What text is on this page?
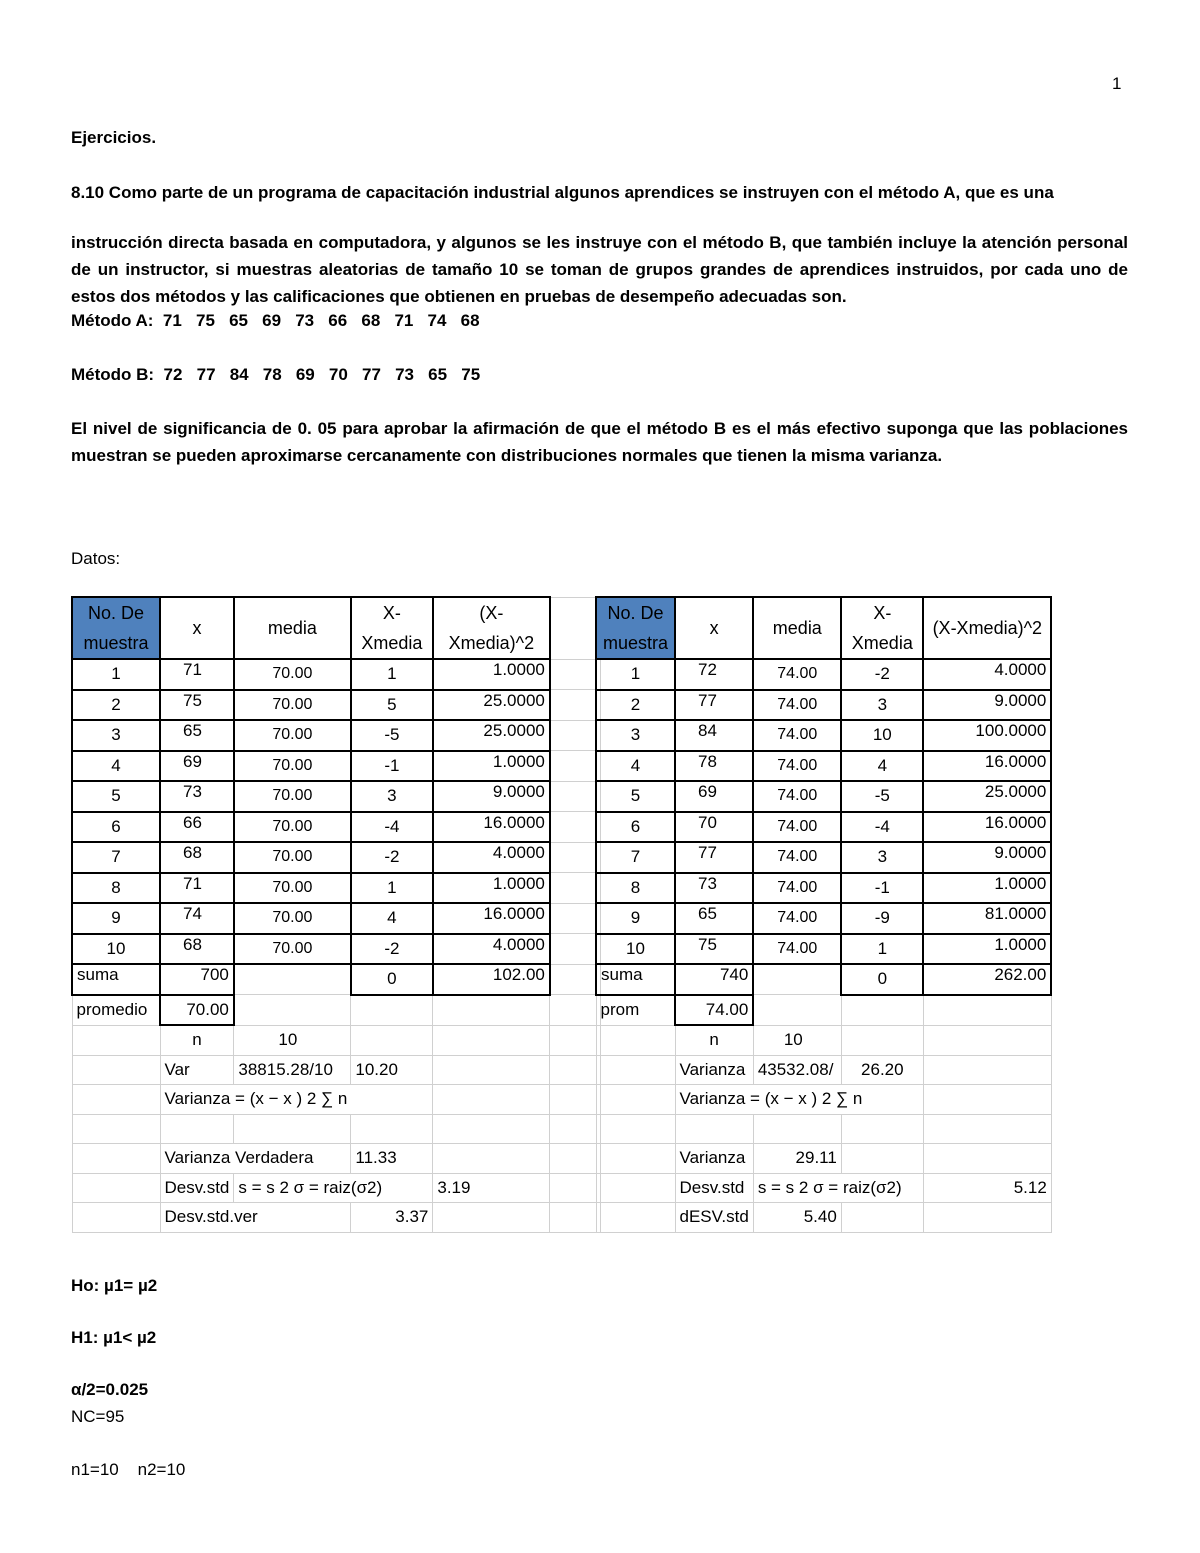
1
Ejercicios.
8.10 Como parte de un programa de capacitación industrial algunos aprendices se instruyen con el método A, que es una
instrucción directa basada en computadora, y algunos se les instruye con el método B, que también incluye la atención personal de un instructor, si muestras aleatorias de tamaño 10 se toman de grupos grandes de aprendices instruidos, por cada uno de estos dos métodos y las calificaciones que obtienen en pruebas de desempeño adecuadas son.
Método A:  71   75   65   69   73   66   68   71   74   68
Método B:  72   77   84   78   69   70   77   73   65   75
El nivel de significancia de 0. 05 para aprobar la afirmación de que el método B es el más efectivo suponga que las poblaciones muestran se pueden aproximarse cercanamente con distribuciones normales que tienen la misma varianza.
Datos:
No. De muestra	x	media	X-Xmedia	(X-Xmedia)^2	
1	71	70.00	1	1.0000	
2	75	70.00	5	25.0000	
3	65	70.00	-5	25.0000	
4	69	70.00	-1	1.0000	
5	73	70.00	3	9.0000	
6	66	70.00	-4	16.0000	
7	68	70.00	-2	4.0000	
8	71	70.00	1	1.0000	
9	74	70.00	4	16.0000	
10	68	70.00	-2	4.0000	
suma	700		0	102.00	
promedio	70.00				
	n	10			
	Var	38815.28/10	10.20		
	Varianza = (x − x ) 2 ∑ n				

	Varianza Verdadera		11.33		
	Desv.std	s = s 2 σ = raiz(σ2)		3.19	
	Desv.std.ver		3.37		
No. De muestra	x	media	X-Xmedia	(X-Xmedia)^2
1	72	74.00	-2	4.0000
2	77	74.00	3	9.0000
3	84	74.00	10	100.0000
4	78	74.00	4	16.0000
5	69	74.00	-5	25.0000
6	70	74.00	-4	16.0000
7	77	74.00	3	9.0000
8	73	74.00	-1	1.0000
9	65	74.00	-9	81.0000
10	75	74.00	1	1.0000
suma	740		0	262.00
prom	74.00			
	n	10		
	Varianza	43532.08/	26.20	
	Varianza = (x − x ) 2 ∑ n			

	Varianza	29.11		
	Desv.std	s = s 2 σ = raiz(σ2)		5.12
	dESV.std	5.40		
Ho: µ1= µ2
H1: µ1< µ2
α/2=0.025
NC=95
n1=10    n2=10
